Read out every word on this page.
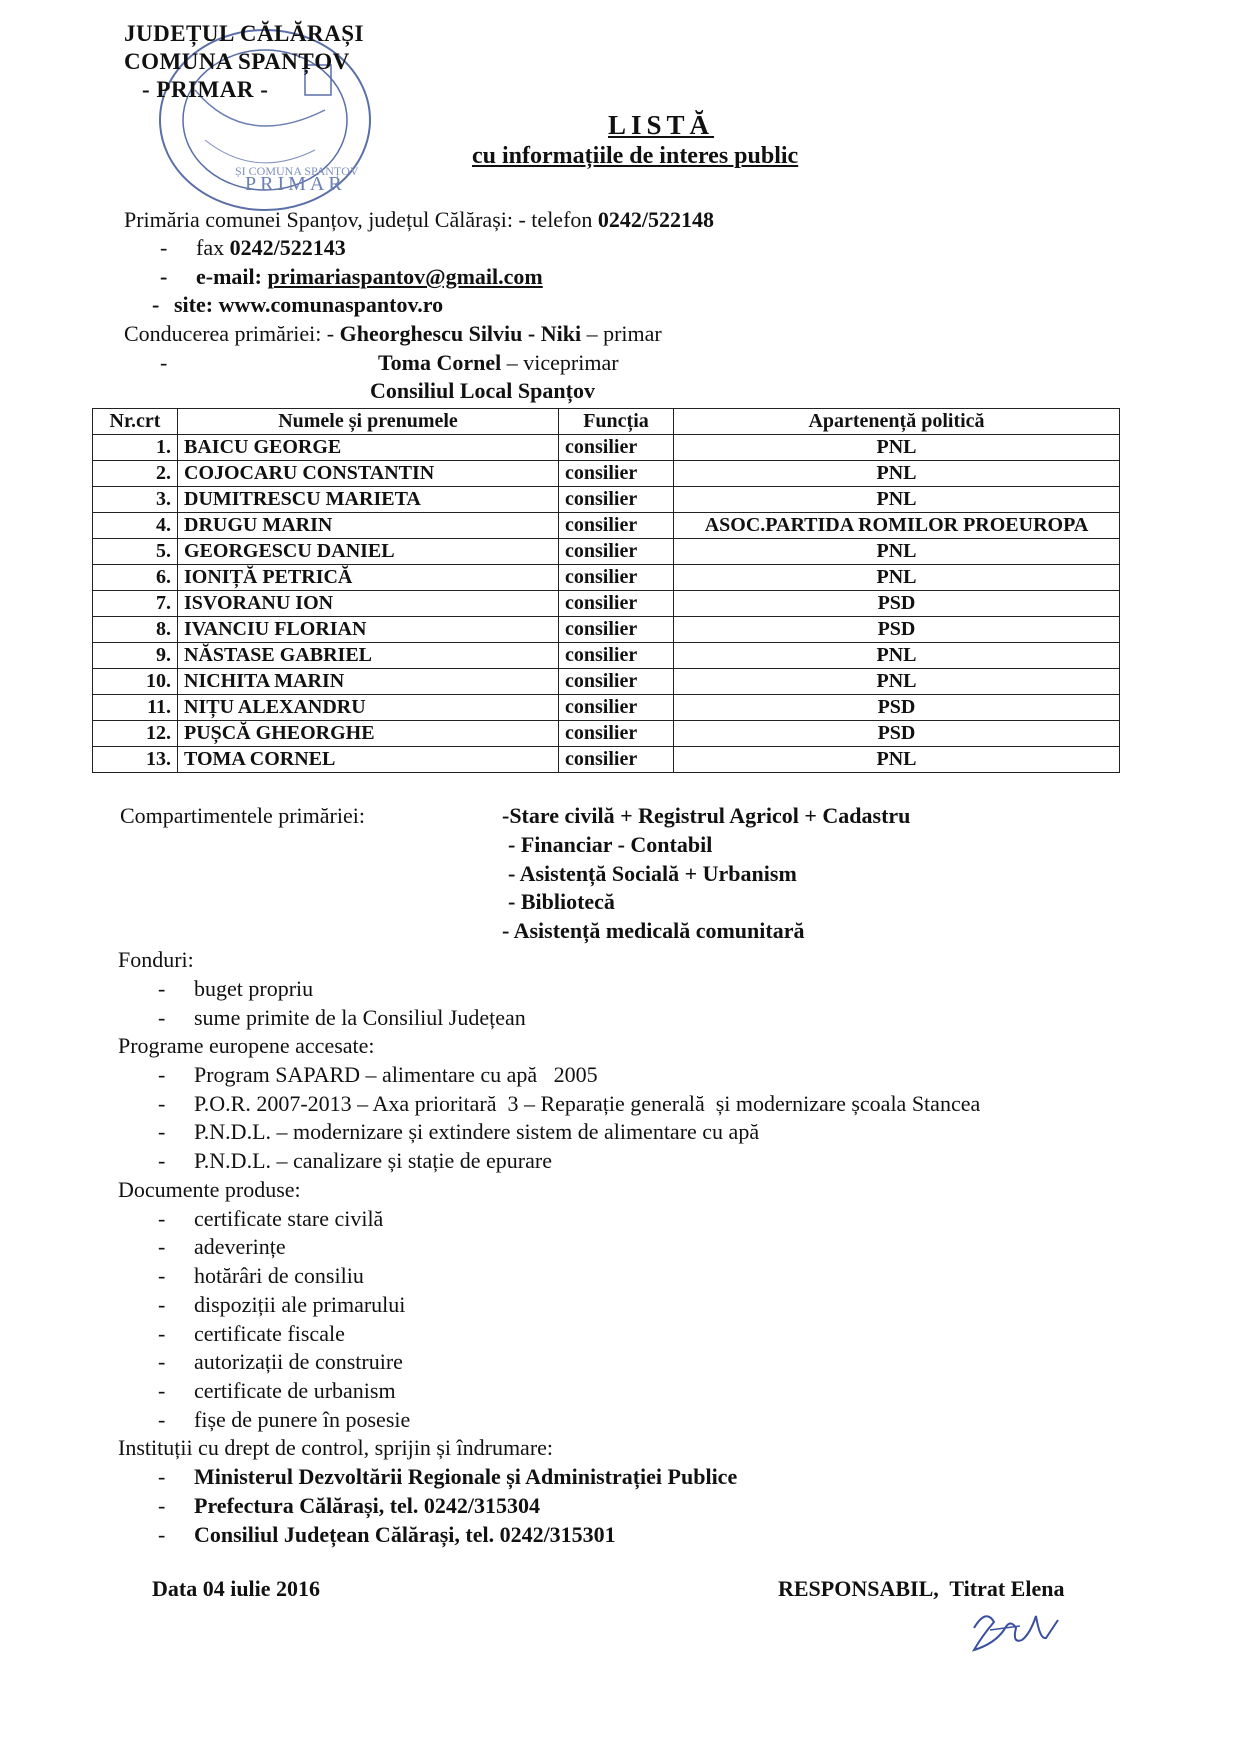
PRIMAR
ȘI COMUNA SPANȚOV
JUDEȚUL CĂLĂRAȘI
COMUNA SPANȚOV
- PRIMAR -
LISTĂ
cu informațiile de interes public
Primăria comunei Spanțov, județul Călărași: - telefon 0242/522148
- fax 0242/522143
- e-mail: primariaspantov@gmail.com
- site: www.comunaspantov.ro
Conducerea primăriei: - Gheorghescu Silviu - Niki – primar
-	Toma Cornel – viceprimar
Consiliul Local Spanțov
Nr.crt	Numele și prenumele	Funcția	Apartenență politică
1.	BAICU GEORGE	consilier	PNL
2.	COJOCARU CONSTANTIN	consilier	PNL
3.	DUMITRESCU MARIETA	consilier	PNL
4.	DRUGU MARIN	consilier	ASOC.PARTIDA ROMILOR PROEUROPA
5.	GEORGESCU DANIEL	consilier	PNL
6.	IONIȚĂ PETRICĂ	consilier	PNL
7.	ISVORANU ION	consilier	PSD
8.	IVANCIU FLORIAN	consilier	PSD
9.	NĂSTASE GABRIEL	consilier	PNL
10.	NICHITA MARIN	consilier	PNL
11.	NIȚU ALEXANDRU	consilier	PSD
12.	PUȘCĂ GHEORGHE	consilier	PSD
13.	TOMA CORNEL	consilier	PNL
Compartimentele primăriei:	-Stare civilă + Registrul Agricol + Cadastru
- Financiar - Contabil
- Asistență Socială + Urbanism
- Bibliotecă
- Asistență medicală comunitară
Fonduri:
- buget propriu
- sume primite de la Consiliul Județean
Programe europene accesate:
- Program SAPARD – alimentare cu apă   2005
- P.O.R. 2007-2013 – Axa prioritară  3 – Reparație generală  și modernizare școala Stancea
- P.N.D.L. – modernizare și extindere sistem de alimentare cu apă
- P.N.D.L. – canalizare și stație de epurare
Documente produse:
- certificate stare civilă
- adeverințe
- hotărâri de consiliu
- dispoziții ale primarului
- certificate fiscale
- autorizații de construire
- certificate de urbanism
- fișe de punere în posesie
Instituții cu drept de control, sprijin și îndrumare:
- Ministerul Dezvoltării Regionale și Administrației Publice
- Prefectura Călărași, tel. 0242/315304
- Consiliul Județean Călărași, tel. 0242/315301
Data 04 iulie 2016	RESPONSABIL,  Titrat Elena
